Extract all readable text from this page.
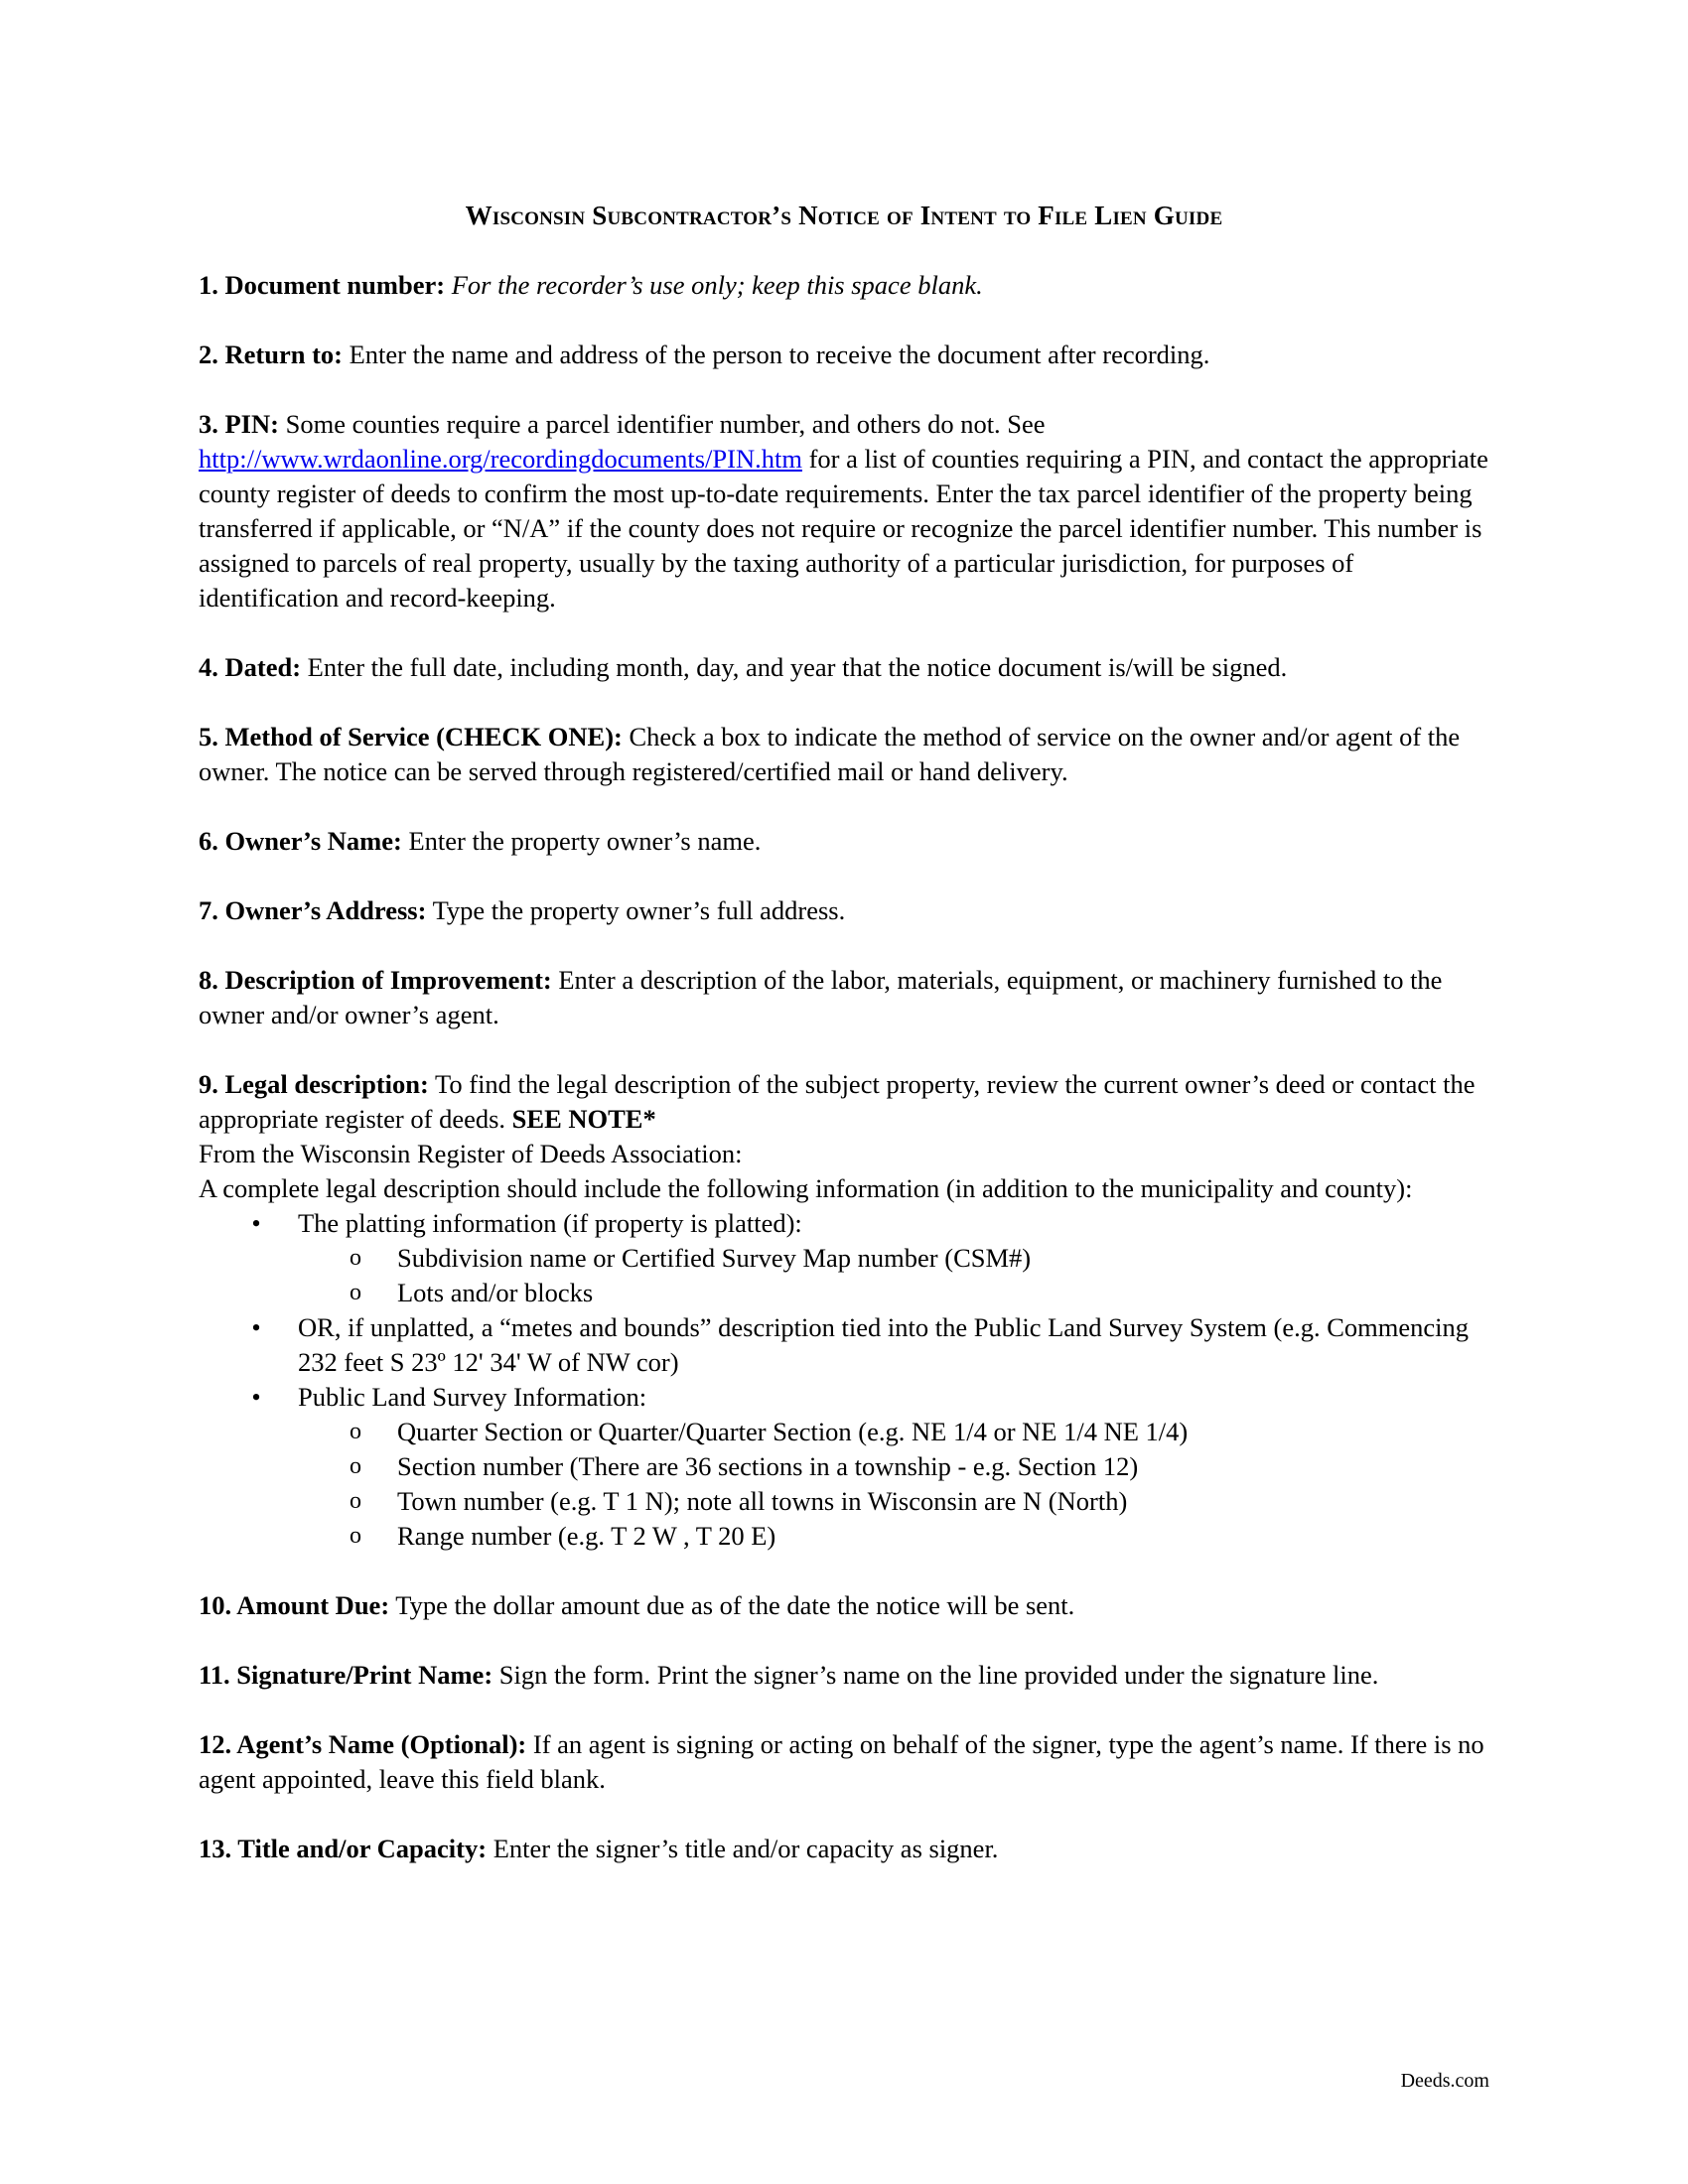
Wisconsin Subcontractor’s Notice of Intent to File Lien Guide
1. Document number: For the recorder’s use only; keep this space blank.
2. Return to: Enter the name and address of the person to receive the document after recording.
3. PIN: Some counties require a parcel identifier number, and others do not. See http://www.wrdaonline.org/recordingdocuments/PIN.htm for a list of counties requiring a PIN, and contact the appropriate county register of deeds to confirm the most up-to-date requirements. Enter the tax parcel identifier of the property being transferred if applicable, or “N/A” if the county does not require or recognize the parcel identifier number. This number is assigned to parcels of real property, usually by the taxing authority of a particular jurisdiction, for purposes of identification and record-keeping.
4. Dated: Enter the full date, including month, day, and year that the notice document is/will be signed.
5. Method of Service (CHECK ONE): Check a box to indicate the method of service on the owner and/or agent of the owner. The notice can be served through registered/certified mail or hand delivery.
6. Owner’s Name: Enter the property owner’s name.
7. Owner’s Address: Type the property owner’s full address.
8. Description of Improvement: Enter a description of the labor, materials, equipment, or machinery furnished to the owner and/or owner’s agent.

9. Legal description: To find the legal description of the subject property, review the current owner’s deed or contact the appropriate register of deeds. SEE NOTE*

From the Wisconsin Register of Deeds Association:

A complete legal description should include the following information (in addition to the municipality and county):

• The platting information (if property is platted):
o Subdivision name or Certified Survey Map number (CSM#)
o Lots and/or blocks
• OR, if unplatted, a “metes and bounds” description tied into the Public Land Survey System (e.g. Commencing 232 feet S 23º 12' 34' W of NW cor)
• Public Land Survey Information:
o Quarter Section or Quarter/Quarter Section (e.g. NE 1/4 or NE 1/4 NE 1/4)
o Section number (There are 36 sections in a township - e.g. Section 12)
o Town number (e.g. T 1 N); note all towns in Wisconsin are N (North)
o Range number (e.g. T 2 W , T 20 E)
10. Amount Due: Type the dollar amount due as of the date the notice will be sent.
11. Signature/Print Name: Sign the form. Print the signer’s name on the line provided under the signature line.
12. Agent’s Name (Optional): If an agent is signing or acting on behalf of the signer, type the agent’s name. If there is no agent appointed, leave this field blank.
13. Title and/or Capacity: Enter the signer’s title and/or capacity as signer.
Deeds.com
